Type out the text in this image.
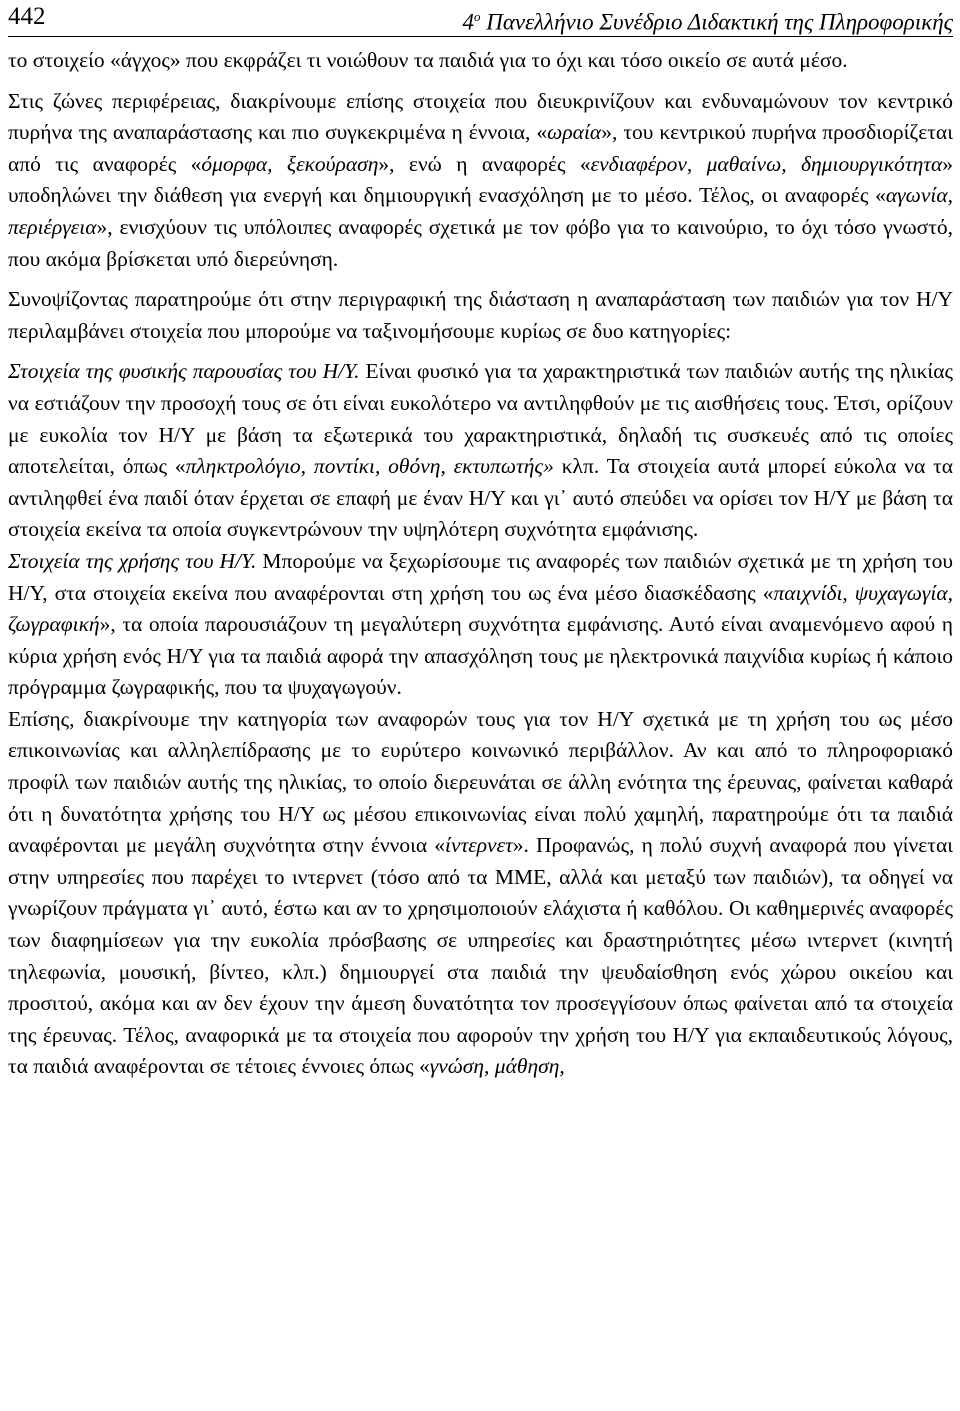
442	$4^o$ Πανελλήνιο Συνέδριο Διδακτική της Πληροφορικής

το στοιχείο «άγχος» που εκφράζει τι νοιώθουν τα παιδιά για το όχι και τόσο οικείο σε αυτά μέσο.

Στις ζώνες περιφέρειας, διακρίνουμε επίσης στοιχεία που διευκρινίζουν και ενδυναμώνουν τον κεντρικό πυρήνα της αναπαράστασης και πιο συγκεκριμένα η έννοια, «ωραία», του κεντρικού πυρήνα προσδιορίζεται από τις αναφορές «όμορφα, ξεκούραση», ενώ η αναφορές «ενδιαφέρον, μαθαίνω, δημιουργικότητα» υποδηλώνει την διάθεση για ενεργή και δημιουργική ενασχόληση με το μέσο. Τέλος, οι αναφορές «αγωνία, περιέργεια», ενισχύουν τις υπόλοιπες αναφορές σχετικά με τον φόβο για το καινούριο, το όχι τόσο γνωστό, που ακόμα βρίσκεται υπό διερεύνηση.

Συνοψίζοντας παρατηρούμε ότι στην περιγραφική της διάσταση η αναπαράσταση των παιδιών για τον Η/Υ περιλαμβάνει στοιχεία που μπορούμε να ταξινομήσουμε κυρίως σε δυο κατηγορίες:

Στοιχεία της φυσικής παρουσίας του Η/Υ. Είναι φυσικό για τα χαρακτηριστικά των παιδιών αυτής της ηλικίας να εστιάζουν την προσοχή τους σε ότι είναι ευκολότερο να αντιληφθούν με τις αισθήσεις τους. Έτσι, ορίζουν με ευκολία τον Η/Υ με βάση τα εξωτερικά του χαρακτηριστικά, δηλαδή τις συσκευές από τις οποίες αποτελείται, όπως «πληκτρολόγιο, ποντίκι, οθόνη, εκτυπωτής» κλπ. Τα στοιχεία αυτά μπορεί εύκολα να τα αντιληφθεί ένα παιδί όταν έρχεται σε επαφή με έναν Η/Υ και γι᾽ αυτό σπεύδει να ορίσει τον Η/Υ με βάση τα στοιχεία εκείνα τα οποία συγκεντρώνουν την υψηλότερη συχνότητα εμφάνισης.

Στοιχεία της χρήσης του Η/Υ. Μπορούμε να ξεχωρίσουμε τις αναφορές των παιδιών σχετικά με τη χρήση του Η/Υ, στα στοιχεία εκείνα που αναφέρονται στη χρήση του ως ένα μέσο διασκέδασης «παιχνίδι, ψυχαγωγία, ζωγραφική», τα οποία παρουσιάζουν τη μεγαλύτερη συχνότητα εμφάνισης. Αυτό είναι αναμενόμενο αφού η κύρια χρήση ενός Η/Υ για τα παιδιά αφορά την απασχόληση τους με ηλεκτρονικά παιχνίδια κυρίως ή κάποιο πρόγραμμα ζωγραφικής, που τα ψυχαγωγούν.

Επίσης, διακρίνουμε την κατηγορία των αναφορών τους για τον Η/Υ σχετικά με τη χρήση του ως μέσο επικοινωνίας και αλληλεπίδρασης με το ευρύτερο κοινωνικό περιβάλλον. Αν και από το πληροφοριακό προφίλ των παιδιών αυτής της ηλικίας, το οποίο διερευνάται σε άλλη ενότητα της έρευνας, φαίνεται καθαρά ότι η δυνατότητα χρήσης του Η/Υ ως μέσου επικοινωνίας είναι πολύ χαμηλή, παρατηρούμε ότι τα παιδιά αναφέρονται με μεγάλη συχνότητα στην έννοια «ίντερνετ». Προφανώς, η πολύ συχνή αναφορά που γίνεται στην υπηρεσίες που παρέχει το ιντερνετ (τόσο από τα ΜΜΕ, αλλά και μεταξύ των παιδιών), τα οδηγεί να γνωρίζουν πράγματα γι᾽ αυτό, έστω και αν το χρησιμοποιούν ελάχιστα ή καθόλου. Οι καθημερινές αναφορές των διαφημίσεων για την ευκολία πρόσβασης σε υπηρεσίες και δραστηριότητες μέσω ιντερνετ (κινητή τηλεφωνία, μουσική, βίντεο, κλπ.) δημιουργεί στα παιδιά την ψευδαίσθηση ενός χώρου οικείου και προσιτού, ακόμα και αν δεν έχουν την άμεση δυνατότητα τον προσεγγίσουν όπως φαίνεται από τα στοιχεία της έρευνας. Τέλος, αναφορικά με τα στοιχεία που αφορούν την χρήση του Η/Υ για εκπαιδευτικούς λόγους, τα παιδιά αναφέρονται σε τέτοιες έννοιες όπως «γνώση, μάθηση,
